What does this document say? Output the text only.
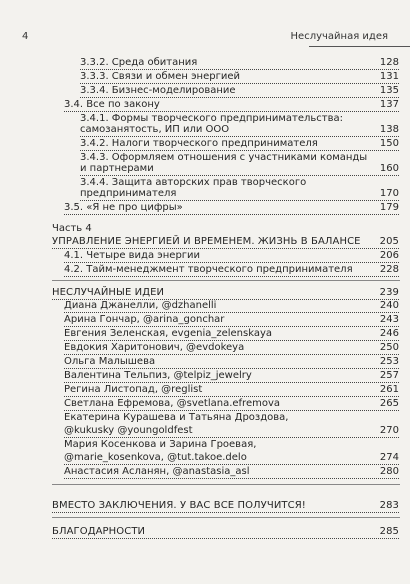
4	Неслучайная идея
3.3.2. Среда обитания	128
3.3.3. Связи и обмен энергией	131
3.3.4. Бизнес-моделирование	135
3.4. Все по закону	137
3.4.1. Формы творческого предпринимательства:
самозанятость, ИП или ООО	138
3.4.2. Налоги творческого предпринимателя	150
3.4.3. Оформляем отношения с участниками команды
и партнерами	160
3.4.4. Защита авторских прав творческого
предпринимателя	170
3.5. «Я не про цифры»	179
Часть 4
УПРАВЛЕНИЕ ЭНЕРГИЕЙ И ВРЕМЕНЕМ. ЖИЗНЬ В БАЛАНСЕ 205
4.1. Четыре вида энергии	206
4.2. Тайм-менеджмент творческого предпринимателя	228
НЕСЛУЧАЙНЫЕ ИДЕИ	239
Диана Джанелли, @dzhanelli	240
Арина Гончар, @arina_gonchar	243
Евгения Зеленская, evgenia_zelenskaya	246
Евдокия Харитонович, @evdokeya	250
Ольга Малышева	253
Валентина Тельпиз, @telpiz_jewelry	257
Регина Листопад, @reglist	261
Светлана Ефремова, @svetlana.efremova	265
Екатерина Курашева и Татьяна Дроздова,
@kukusky @youngoldfest	270
Мария Косенкова и Зарина Гроевая,
@marie_kosenkova, @tut.takoe.delo	274
Анастасия Асланян, @anastasia_asl	280
ВМЕСТО ЗАКЛЮЧЕНИЯ. У ВАС ВСЕ ПОЛУЧИТСЯ!	283
БЛАГОДАРНОСТИ	285
